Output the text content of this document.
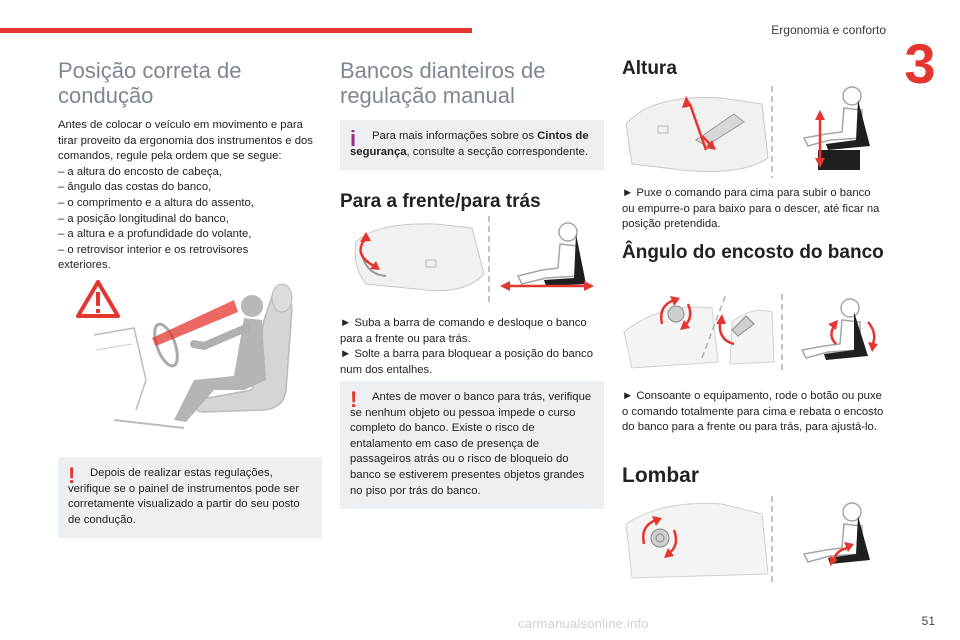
Ergonomia e conforto
3
Posição correta de condução

Antes de colocar o veículo em movimento e para tirar proveito da ergonomia dos instrumentos e dos comandos, regule pela ordem que se segue:

– a altura do encosto de cabeça,

– ângulo das costas do banco,

– o comprimento e a altura do assento,

– a posição longitudinal do banco,

– a altura e a profundidade do volante,

– o retrovisor interior e os retrovisores exteriores.

!	Depois de realizar estas regulações, verifique se o painel de instrumentos pode ser corretamente visualizado a partir do seu posto de condução.

Bancos dianteiros de regulação manual
i	Para mais informações sobre os Cintos de segurança, consulte a secção correspondente.

Para a frente/para trás

► Suba a barra de comando e desloque o banco para a frente ou para trás.

► Solte a barra para bloquear a posição do banco num dos entalhes.

!	Antes de mover o banco para trás, verifique se nenhum objeto ou pessoa impede o curso completo do banco. Existe o risco de entalamento em caso de presença de passageiros atrás ou o risco de bloqueio do banco se estiverem presentes objetos grandes no piso por trás do banco.

Altura

► Puxe o comando para cima para subir o banco ou empurre-o para baixo para o descer, até ficar na posição pretendida.

Ângulo do encosto do banco

► Consoante o equipamento, rode o botão ou puxe o comando totalmente para cima e rebata o encosto do banco para a frente ou para trás, para ajustá-lo.

Lombar
51
carmanualsonline.info
